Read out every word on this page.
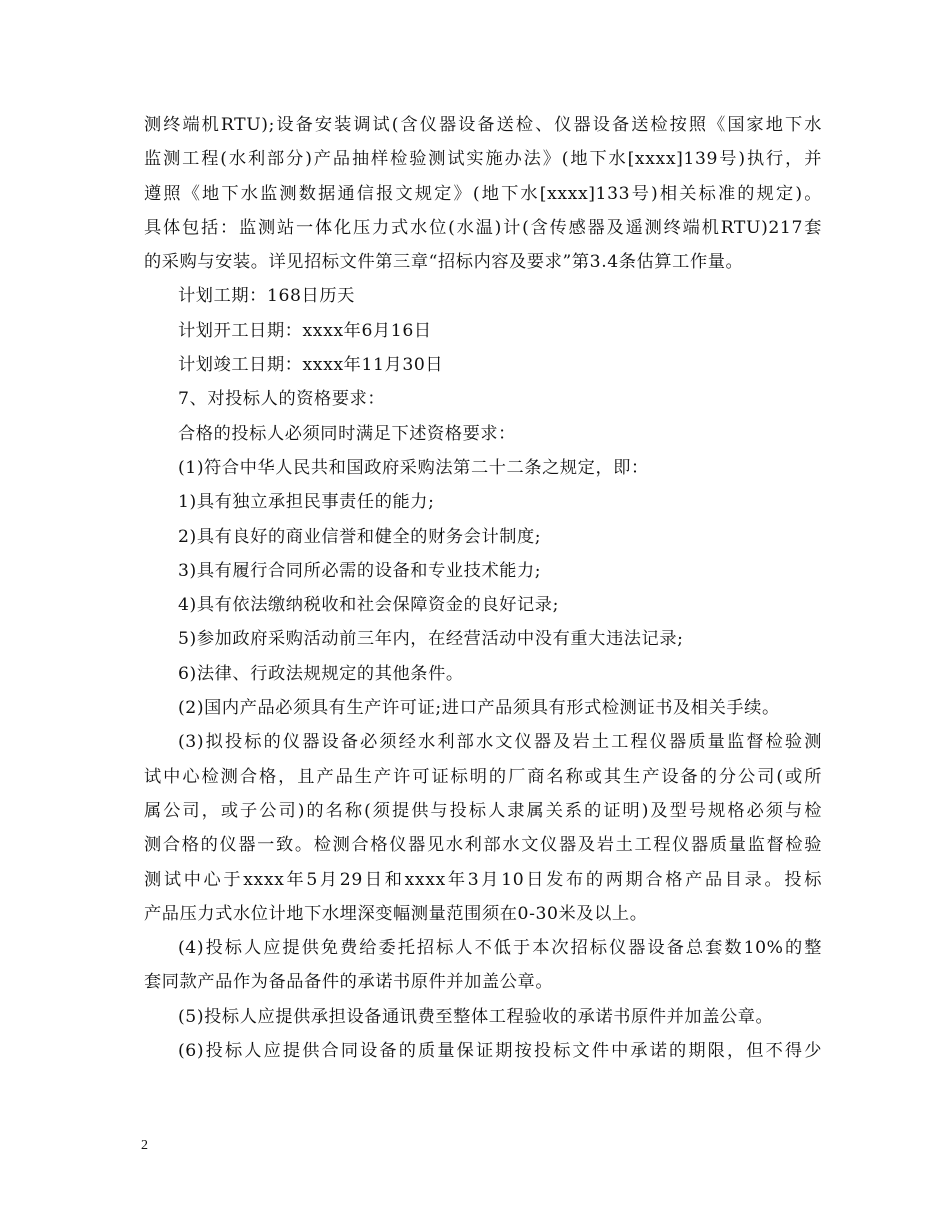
测终端机RTU);设备安装调试(含仪器设备送检、仪器设备送检按照《国家地下水
监测工程(水利部分)产品抽样检验测试实施办法》(地下水[xxxx]139号)执行，并
遵照《地下水监测数据通信报文规定》(地下水[xxxx]133号)相关标准的规定)。
具体包括：监测站一体化压力式水位(水温)计(含传感器及遥测终端机RTU)217套
的采购与安装。详见招标文件第三章“招标内容及要求”第3.4条估算工作量。
计划工期：168日历天
计划开工日期：xxxx年6月16日
计划竣工日期：xxxx年11月30日
7、对投标人的资格要求：
合格的投标人必须同时满足下述资格要求：
(1)符合中华人民共和国政府采购法第二十二条之规定，即：
1)具有独立承担民事责任的能力;
2)具有良好的商业信誉和健全的财务会计制度;
3)具有履行合同所必需的设备和专业技术能力;
4)具有依法缴纳税收和社会保障资金的良好记录;
5)参加政府采购活动前三年内，在经营活动中没有重大违法记录;
6)法律、行政法规规定的其他条件。
(2)国内产品必须具有生产许可证;进口产品须具有形式检测证书及相关手续。
(3)拟投标的仪器设备必须经水利部水文仪器及岩土工程仪器质量监督检验测
试中心检测合格，且产品生产许可证标明的厂商名称或其生产设备的分公司(或所
属公司，或子公司)的名称(须提供与投标人隶属关系的证明)及型号规格必须与检
测合格的仪器一致。检测合格仪器见水利部水文仪器及岩土工程仪器质量监督检验
测试中心于xxxx年5月29日和xxxx年3月10日发布的两期合格产品目录。投标
产品压力式水位计地下水埋深变幅测量范围须在0-30米及以上。
(4)投标人应提供免费给委托招标人不低于本次招标仪器设备总套数10%的整
套同款产品作为备品备件的承诺书原件并加盖公章。
(5)投标人应提供承担设备通讯费至整体工程验收的承诺书原件并加盖公章。
(6)投标人应提供合同设备的质量保证期按投标文件中承诺的期限，但不得少
2
